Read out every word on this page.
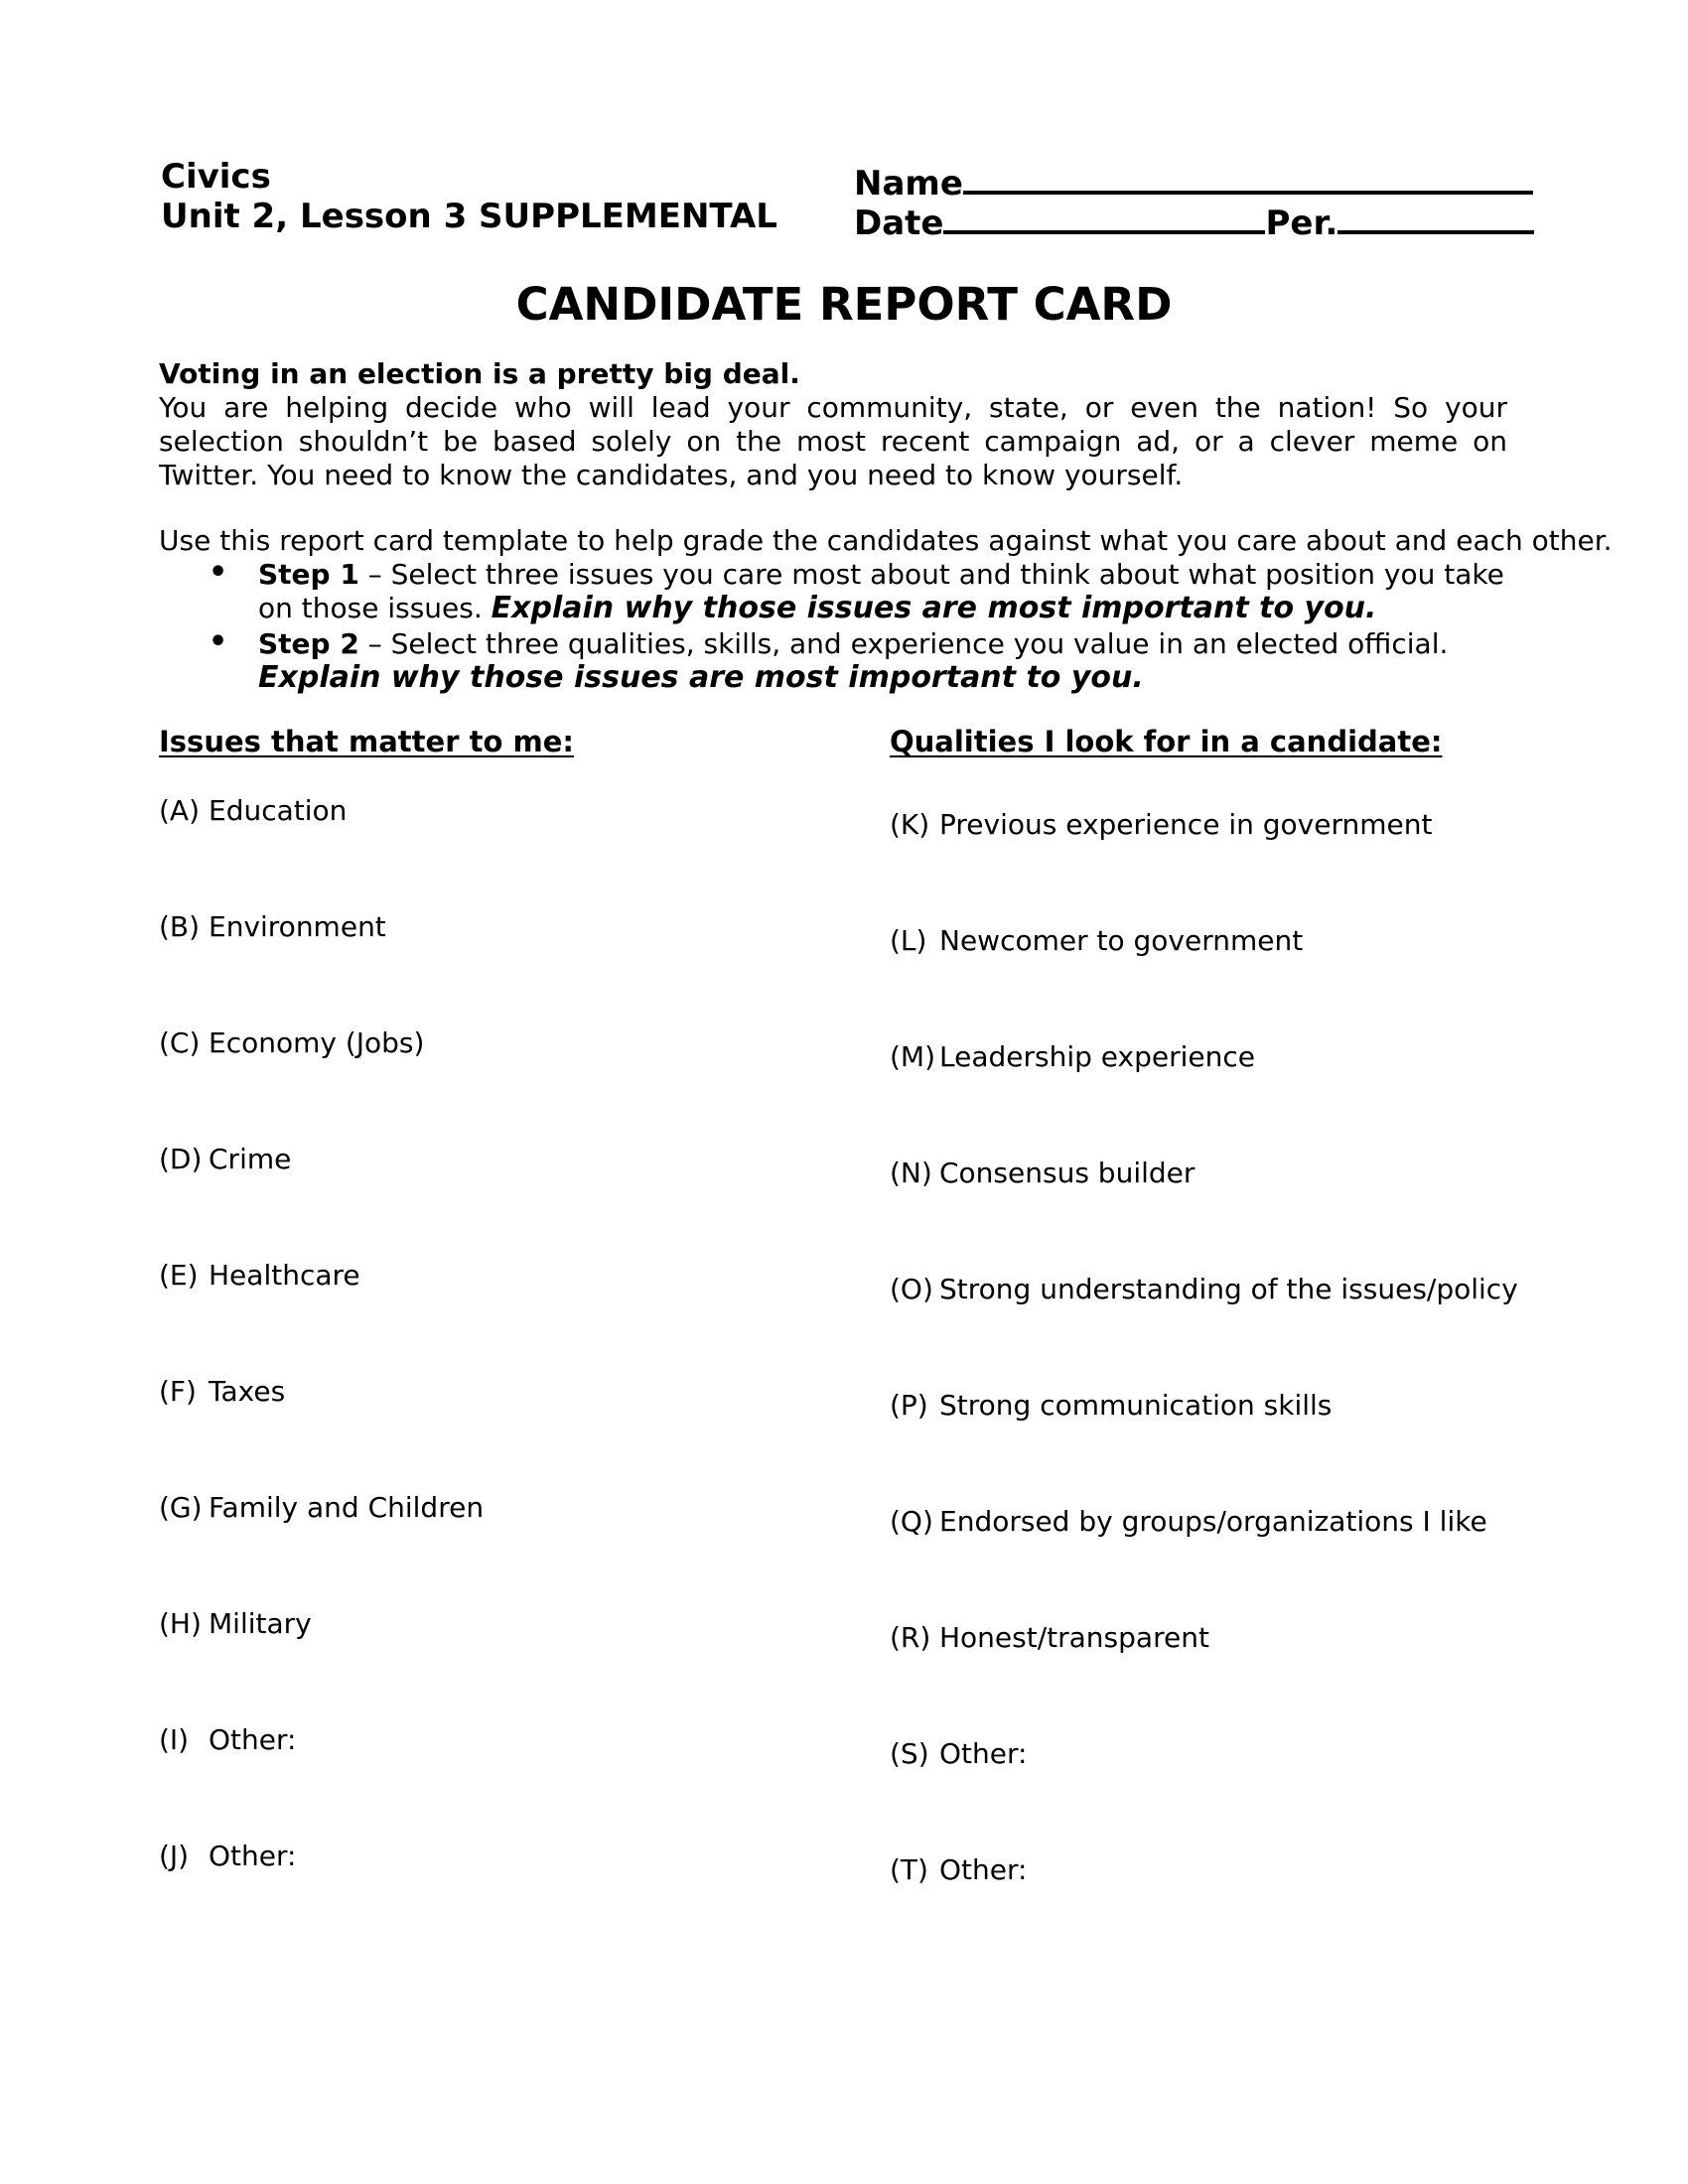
Civics
Unit 2, Lesson 3 SUPPLEMENTAL
Name
Date	Per.
CANDIDATE REPORT CARD
Voting in an election is a pretty big deal.
You are helping decide who will lead your community, state, or even the nation! So your selection shouldn’t be based solely on the most recent campaign ad, or a clever meme on Twitter. You need to know the candidates, and you need to know yourself.
Use this report card template to help grade the candidates against what you care about and each other.
• Step 1 – Select three issues you care most about and think about what position you take on those issues. Explain why those issues are most important to you.
• Step 2 – Select three qualities, skills, and experience you value in an elected official. Explain why those issues are most important to you.
Issues that matter to me:	Qualities I look for in a candidate:
(A) Education
(B) Environment
(C) Economy (Jobs)
(D) Crime
(E) Healthcare
(F) Taxes
(G) Family and Children
(H) Military
(I) Other:
(J) Other:
(K) Previous experience in government
(L) Newcomer to government
(M) Leadership experience
(N) Consensus builder
(O) Strong understanding of the issues/policy
(P) Strong communication skills
(Q) Endorsed by groups/organizations I like
(R) Honest/transparent
(S) Other:
(T) Other:
